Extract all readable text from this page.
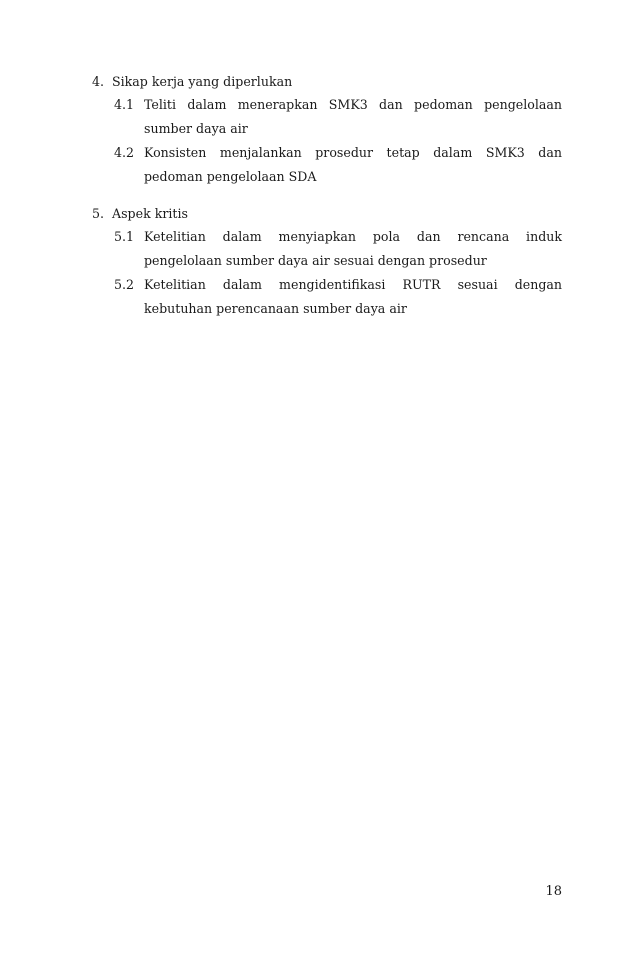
4. Sikap kerja yang diperlukan
4.1 Teliti dalam menerapkan SMK3 dan pedoman pengelolaan sumber daya air
4.2 Konsisten menjalankan prosedur tetap dalam SMK3 dan pedoman pengelolaan SDA
5. Aspek kritis
5.1 Ketelitian dalam menyiapkan pola dan rencana induk pengelolaan sumber daya air sesuai dengan prosedur
5.2 Ketelitian dalam mengidentifikasi RUTR sesuai dengan kebutuhan perencanaan sumber daya air
18
